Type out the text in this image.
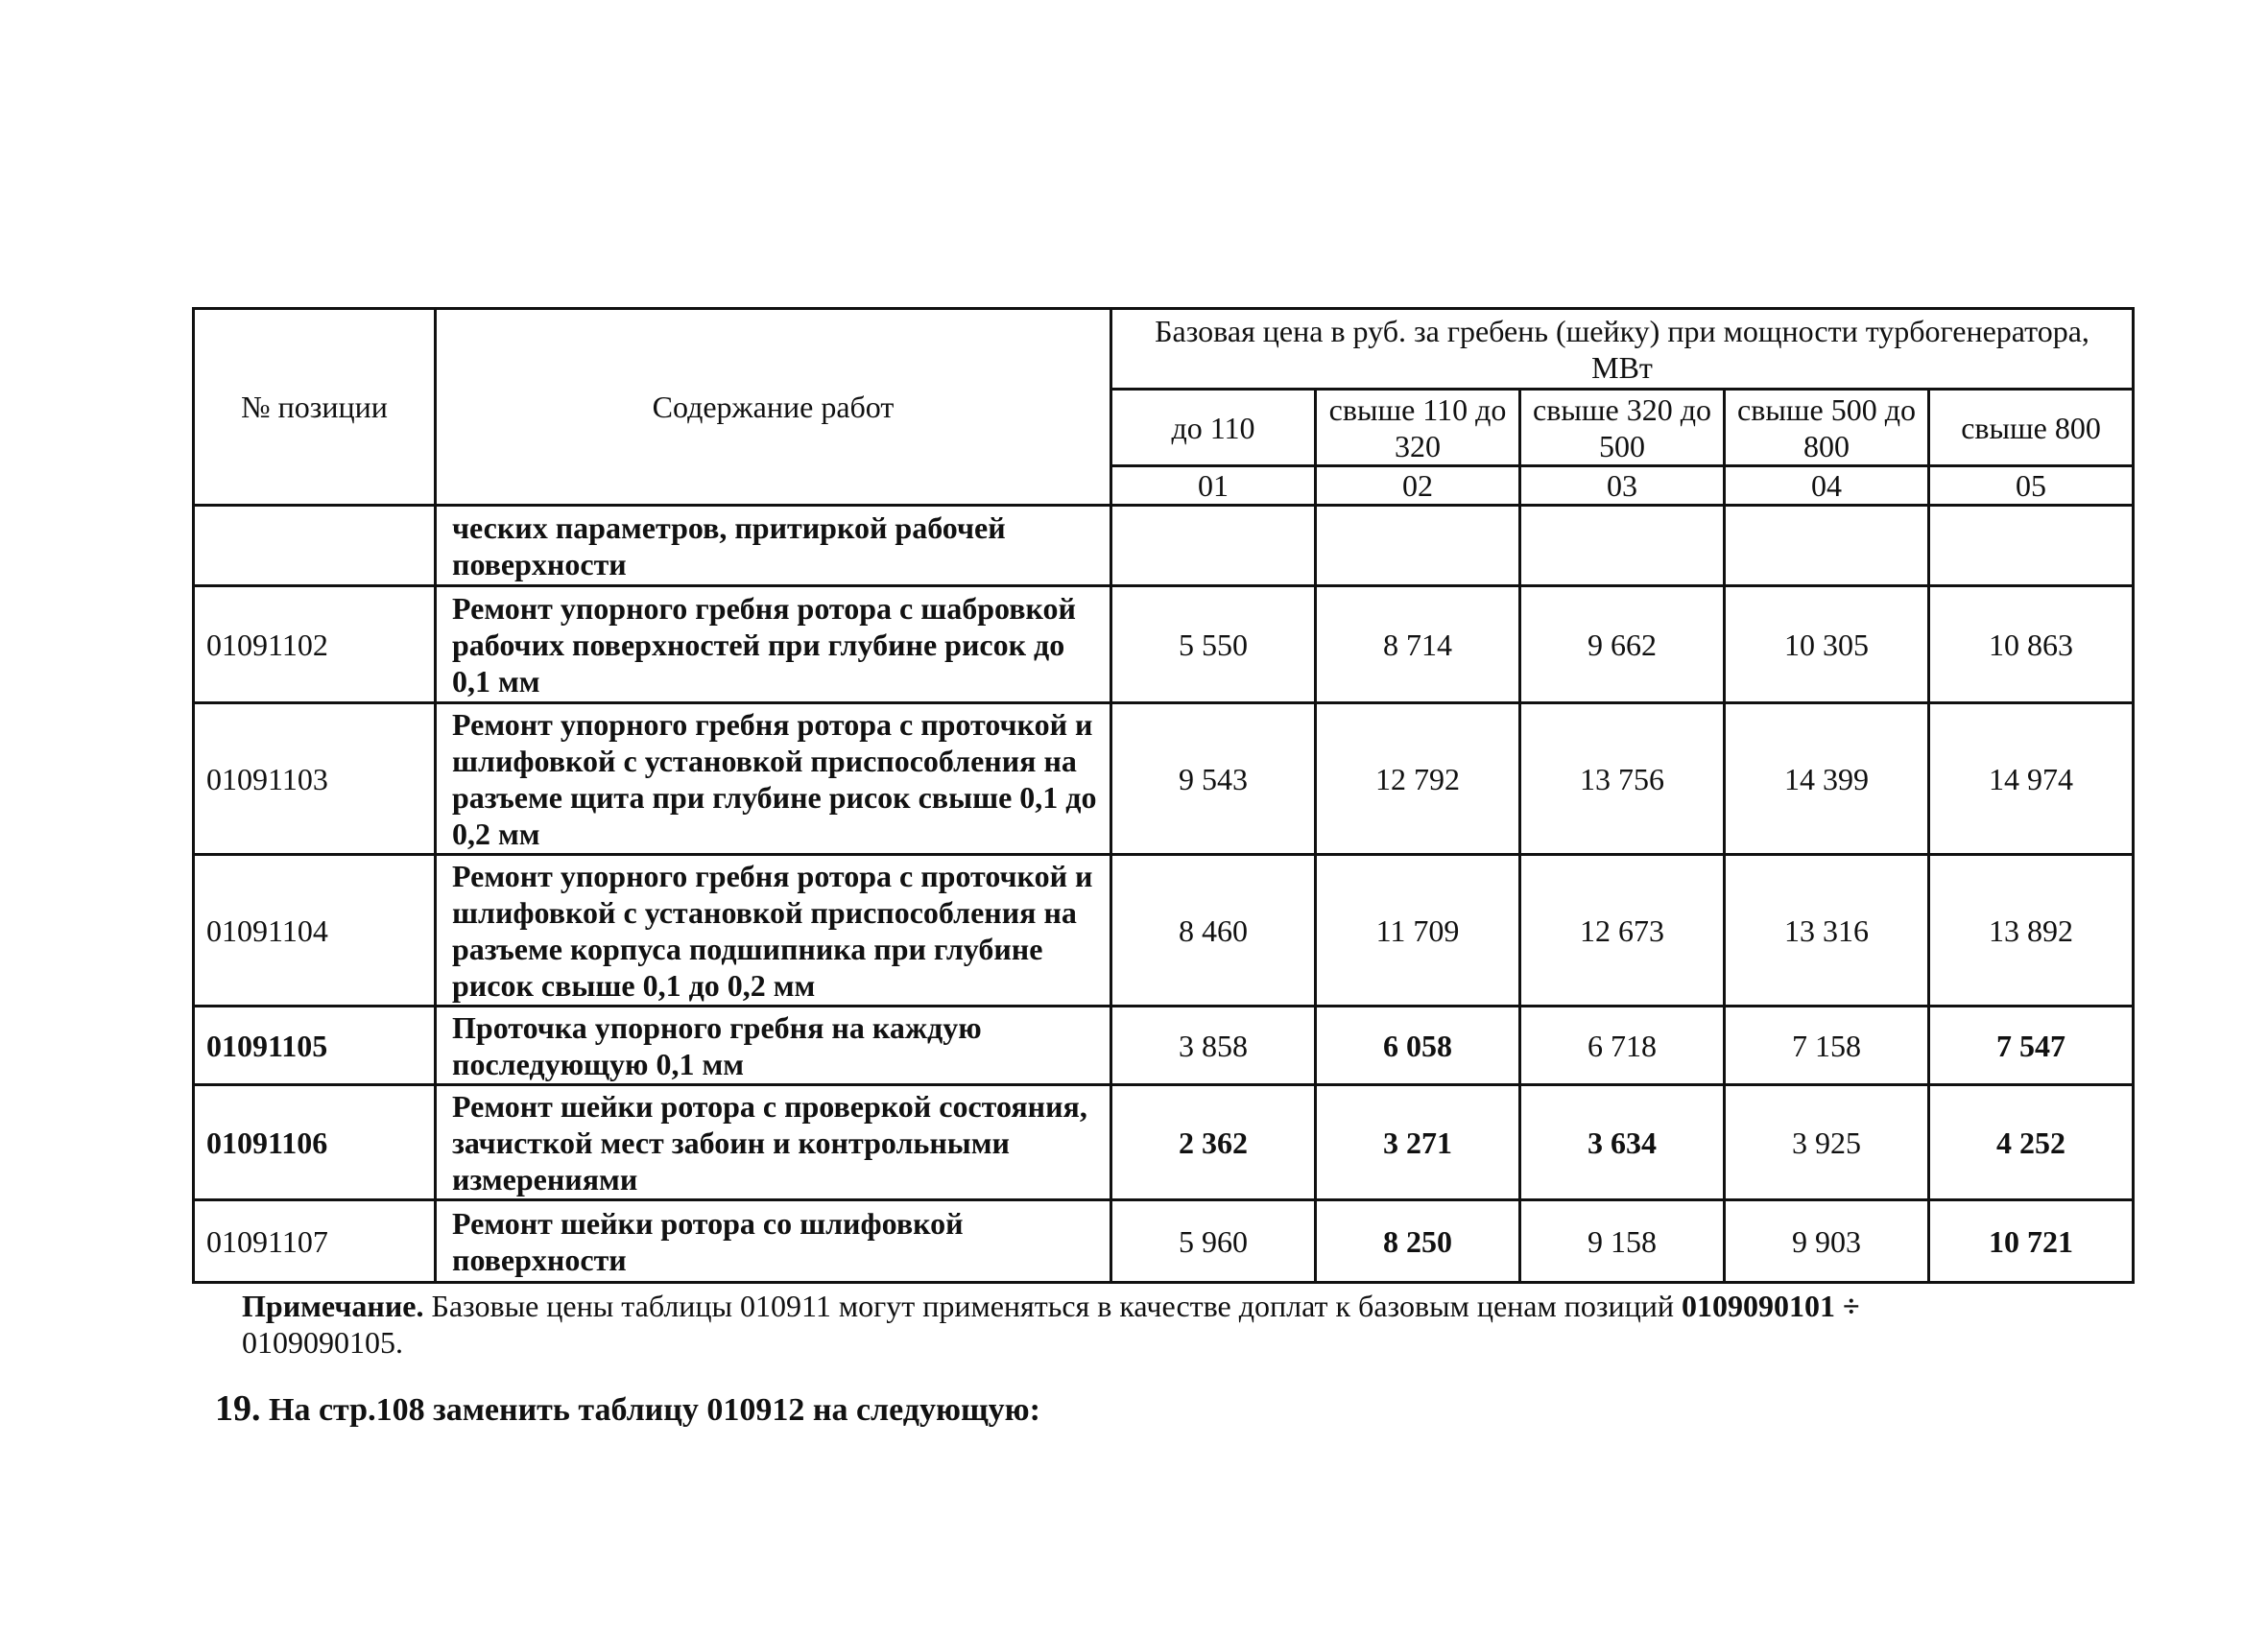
№ позиции	Содержание работ	Базовая цена в руб. за гребень (шейку) при мощности турбогенератора, МВт				
		до 110	свыше 110 до 320	свыше 320 до 500	свыше 500 до 800	свыше 800
		01	02	03	04	05
	ческих параметров, притиркой рабочей поверхности					
01091102	Ремонт упорного гребня ротора с шабровкой рабочих поверхностей при глубине рисок до 0,1 мм	5 550	8 714	9 662	10 305	10 863
01091103	Ремонт упорного гребня ротора с проточкой и шлифовкой с установкой приспособления на разъеме щита при глубине рисок свыше 0,1 до 0,2 мм	9 543	12 792	13 756	14 399	14 974
01091104	Ремонт упорного гребня ротора с проточкой и шлифовкой с установкой приспособления на разъеме корпуса подшипника при глубине рисок свыше 0,1 до 0,2 мм	8 460	11 709	12 673	13 316	13 892
01091105	Проточка упорного гребня на каждую последующую 0,1 мм	3 858	6 058	6 718	7 158	7 547
01091106	Ремонт шейки ротора с проверкой состояния, зачисткой мест забоин и контрольными измерениями	2 362	3 271	3 634	3 925	4 252
01091107	Ремонт шейки ротора со шлифовкой поверхности	5 960	8 250	9 158	9 903	10 721
Примечание. Базовые цены таблицы 010911 могут применяться в качестве доплат к базовым ценам позиций 0109090101 ÷
0109090105.
19. На стр.108 заменить таблицу 010912 на следующую:
